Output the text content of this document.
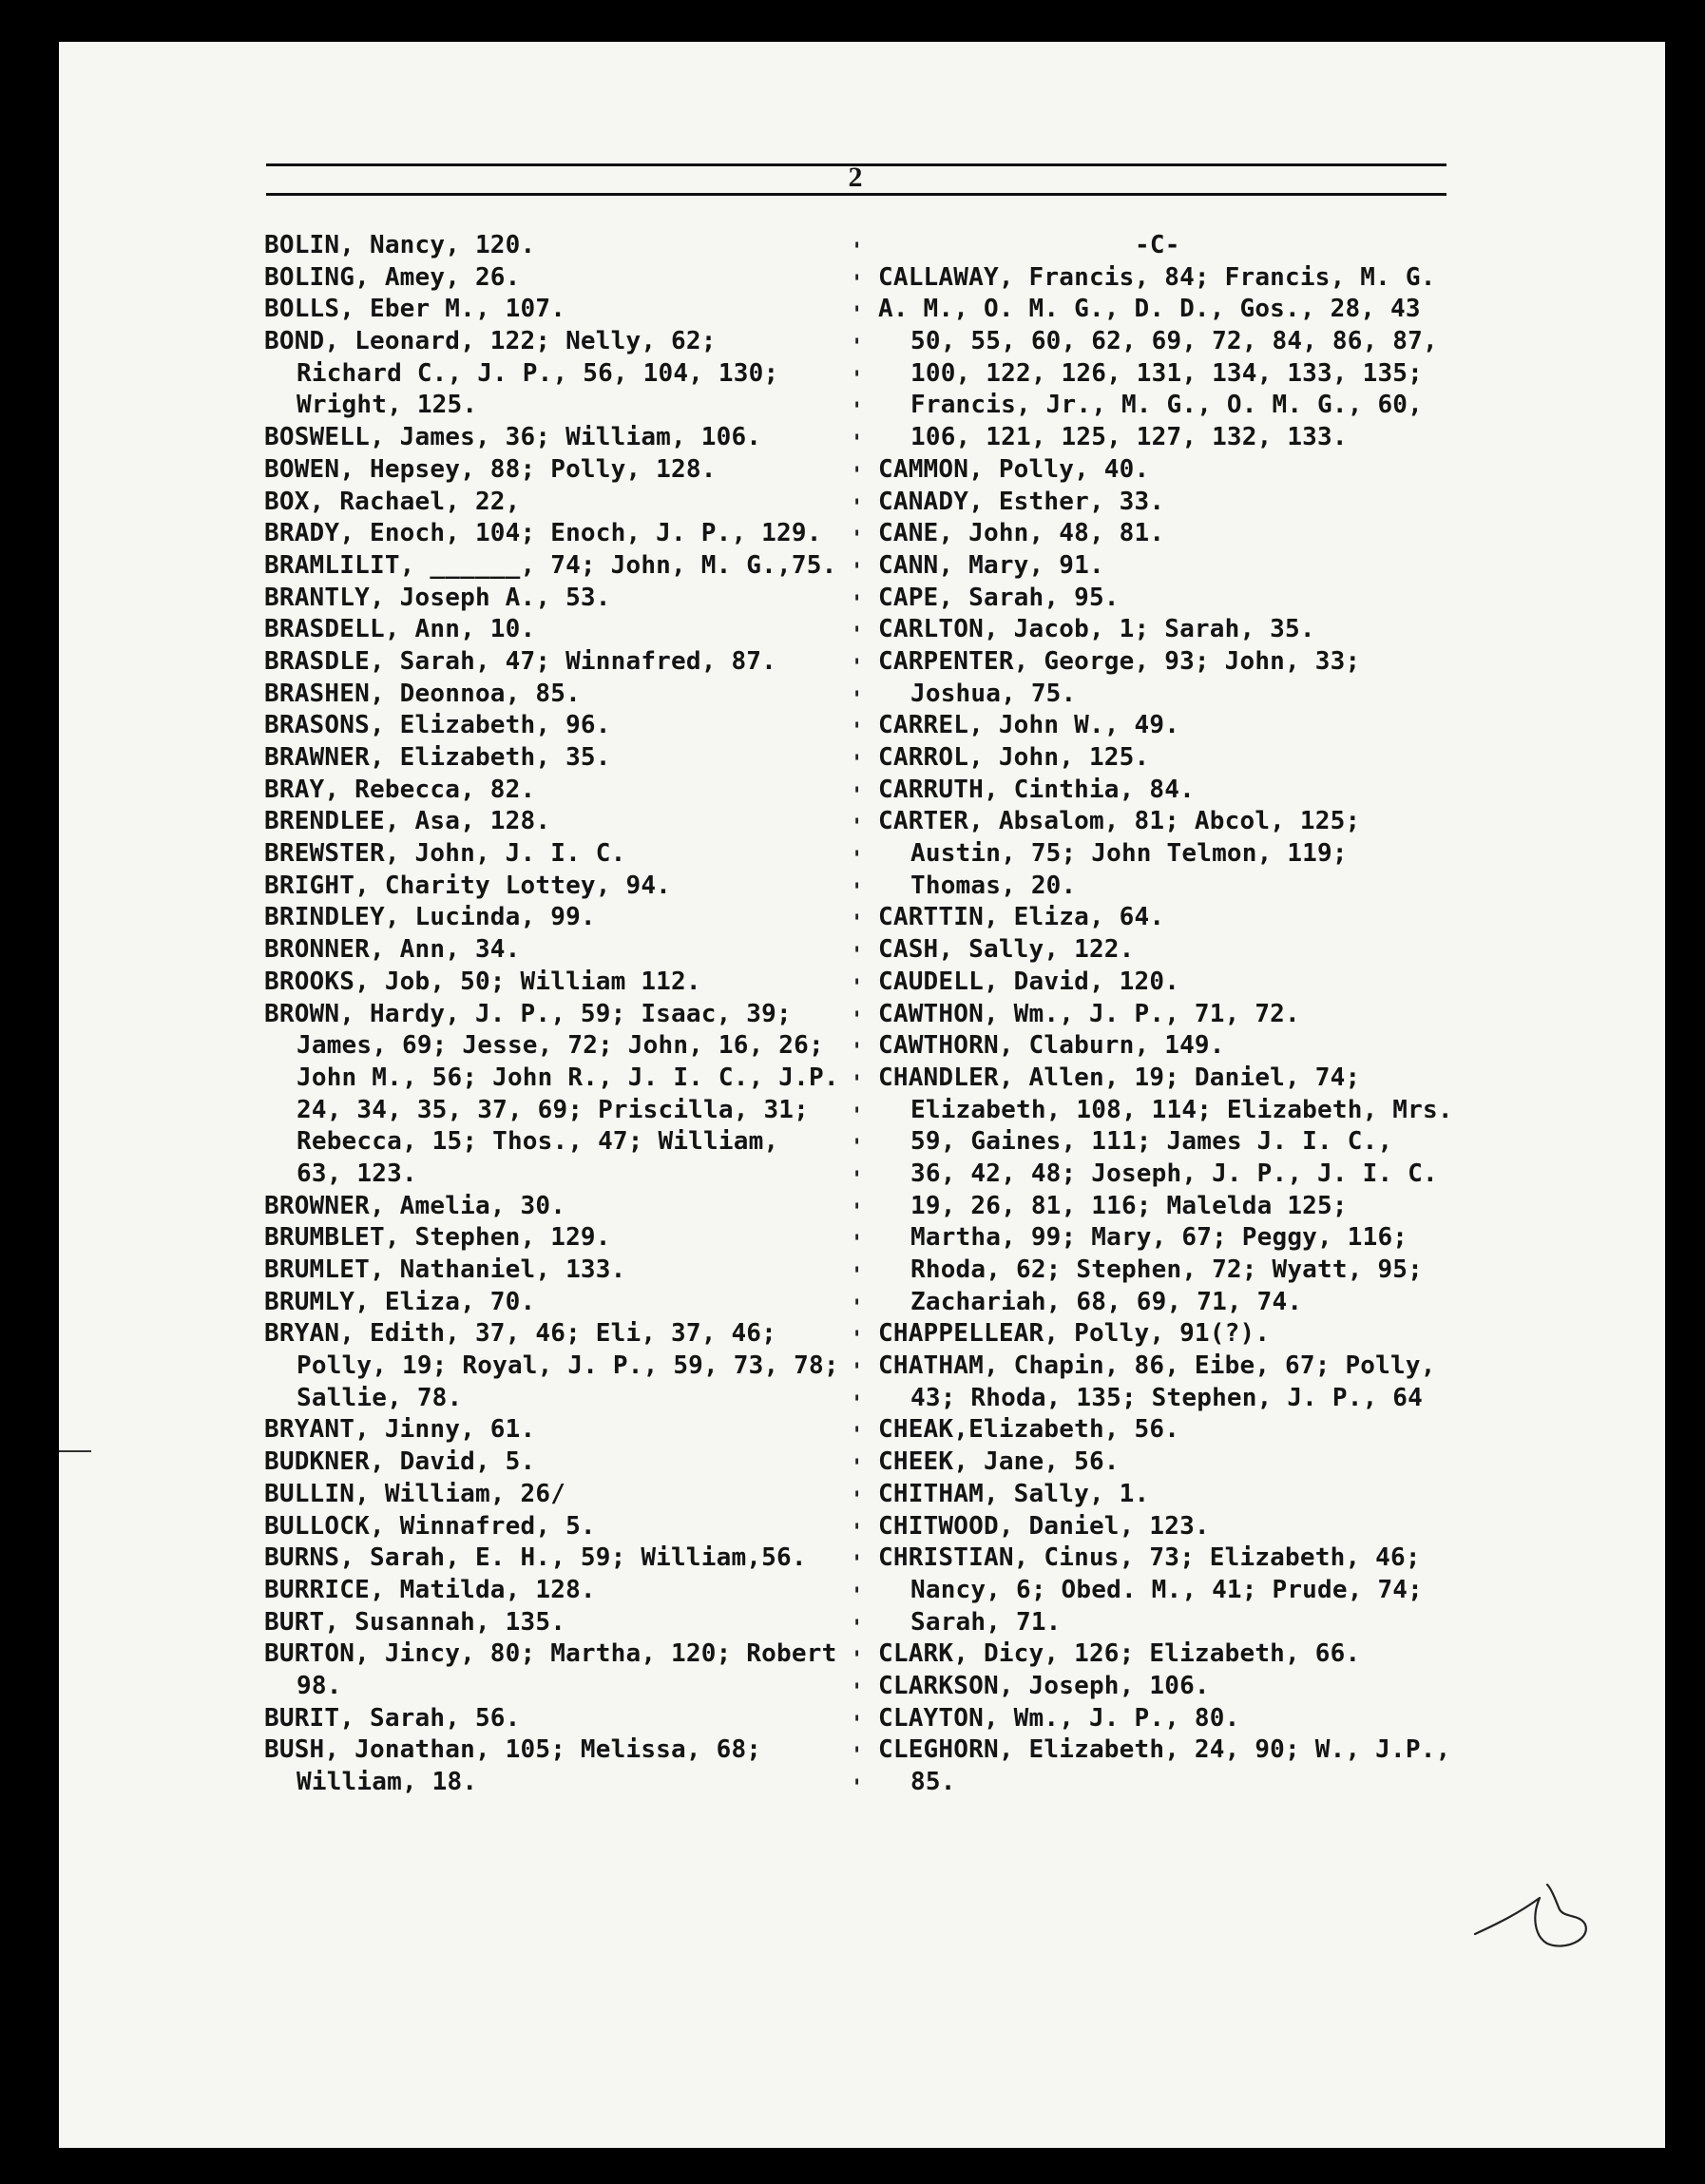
2
BOLIN, Nancy, 120.
BOLING, Amey, 26.
BOLLS, Eber M., 107.
BOND, Leonard, 122; Nelly, 62;
Richard C., J. P., 56, 104, 130;
Wright, 125.
BOSWELL, James, 36; William, 106.
BOWEN, Hepsey, 88; Polly, 128.
BOX, Rachael, 22,
BRADY, Enoch, 104; Enoch, J. P., 129.
BRAMLILIT, ______, 74; John, M. G.,75.
BRANTLY, Joseph A., 53.
BRASDELL, Ann, 10.
BRASDLE, Sarah, 47; Winnafred, 87.
BRASHEN, Deonnoa, 85.
BRASONS, Elizabeth, 96.
BRAWNER, Elizabeth, 35.
BRAY, Rebecca, 82.
BRENDLEE, Asa, 128.
BREWSTER, John, J. I. C.
BRIGHT, Charity Lottey, 94.
BRINDLEY, Lucinda, 99.
BRONNER, Ann, 34.
BROOKS, Job, 50; William 112.
BROWN, Hardy, J. P., 59; Isaac, 39;
James, 69; Jesse, 72; John, 16, 26;
John M., 56; John R., J. I. C., J.P.
24, 34, 35, 37, 69; Priscilla, 31;
Rebecca, 15; Thos., 47; William,
63, 123.
BROWNER, Amelia, 30.
BRUMBLET, Stephen, 129.
BRUMLET, Nathaniel, 133.
BRUMLY, Eliza, 70.
BRYAN, Edith, 37, 46; Eli, 37, 46;
Polly, 19; Royal, J. P., 59, 73, 78;
Sallie, 78.
BRYANT, Jinny, 61.
BUDKNER, David, 5.
BULLIN, William, 26/
BULLOCK, Winnafred, 5.
BURNS, Sarah, E. H., 59; William,56.
BURRICE, Matilda, 128.
BURT, Susannah, 135.
BURTON, Jincy, 80; Martha, 120; Robert
98.
BURIT, Sarah, 56.
BUSH, Jonathan, 105; Melissa, 68;
William, 18.
'
'
'
'
'
'
'
'
'
'
'
'
'
'
'
'
'
'
'
'
'
'
'
'
'
'
'
'
'
'
'
'
'
'
'
'
'
'
'
'
'
'
'
'
'
'
'
'
'
-C-
CALLAWAY, Francis, 84; Francis, M. G.
A. M., O. M. G., D. D., Gos., 28, 43
50, 55, 60, 62, 69, 72, 84, 86, 87,
100, 122, 126, 131, 134, 133, 135;
Francis, Jr., M. G., O. M. G., 60,
106, 121, 125, 127, 132, 133.
CAMMON, Polly, 40.
CANADY, Esther, 33.
CANE, John, 48, 81.
CANN, Mary, 91.
CAPE, Sarah, 95.
CARLTON, Jacob, 1; Sarah, 35.
CARPENTER, George, 93; John, 33;
Joshua, 75.
CARREL, John W., 49.
CARROL, John, 125.
CARRUTH, Cinthia, 84.
CARTER, Absalom, 81; Abcol, 125;
Austin, 75; John Telmon, 119;
Thomas, 20.
CARTTIN, Eliza, 64.
CASH, Sally, 122.
CAUDELL, David, 120.
CAWTHON, Wm., J. P., 71, 72.
CAWTHORN, Claburn, 149.
CHANDLER, Allen, 19; Daniel, 74;
Elizabeth, 108, 114; Elizabeth, Mrs.
59, Gaines, 111; James J. I. C.,
36, 42, 48; Joseph, J. P., J. I. C.
19, 26, 81, 116; Malelda 125;
Martha, 99; Mary, 67; Peggy, 116;
Rhoda, 62; Stephen, 72; Wyatt, 95;
Zachariah, 68, 69, 71, 74.
CHAPPELLEAR, Polly, 91(?).
CHATHAM, Chapin, 86, Eibe, 67; Polly,
43; Rhoda, 135; Stephen, J. P., 64
CHEAK,Elizabeth, 56.
CHEEK, Jane, 56.
CHITHAM, Sally, 1.
CHITWOOD, Daniel, 123.
CHRISTIAN, Cinus, 73; Elizabeth, 46;
Nancy, 6; Obed. M., 41; Prude, 74;
Sarah, 71.
CLARK, Dicy, 126; Elizabeth, 66.
CLARKSON, Joseph, 106.
CLAYTON, Wm., J. P., 80.
CLEGHORN, Elizabeth, 24, 90; W., J.P.,
85.
